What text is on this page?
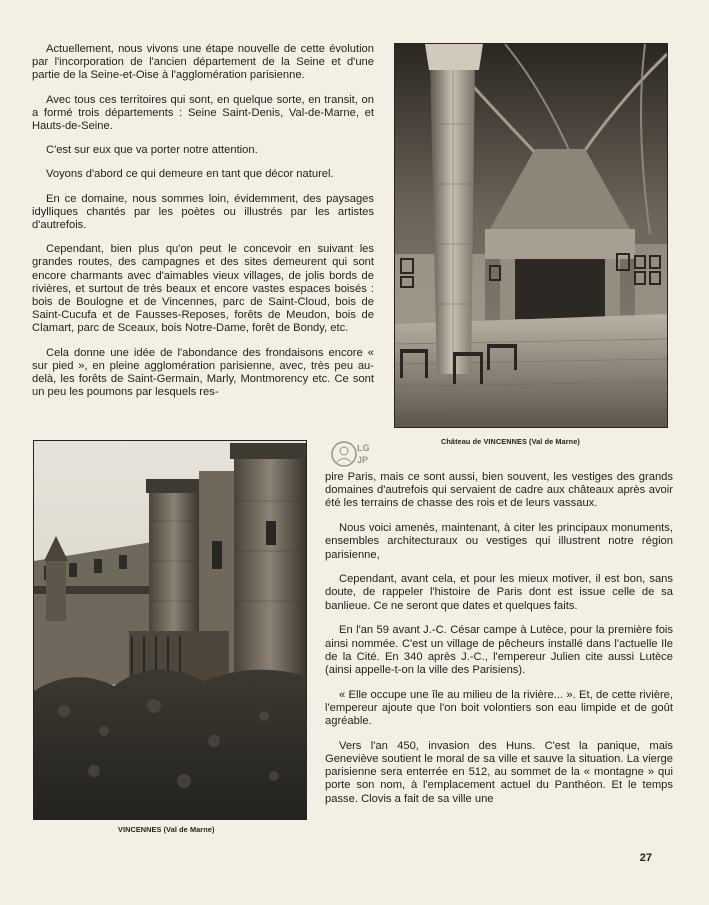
Actuellement, nous vivons une étape nouvelle de cette évolution par l'incorporation de l'ancien département de la Seine et d'une partie de la Seine-et-Oise à l'agglomération parisienne.

Avec tous ces territoires qui sont, en quelque sorte, en transit, on a formé trois départements : Seine Saint-Denis, Val-de-Marne, et Hauts-de-Seine.

C'est sur eux que va porter notre attention.

Voyons d'abord ce qui demeure en tant que décor naturel.

En ce domaine, nous sommes loin, évidemment, des paysages idylliques chantés par les poètes ou illustrés par les artistes d'autrefois.

Cependant, bien plus qu'on peut le concevoir en suivant les grandes routes, des campagnes et des sites demeurent qui sont encore charmants avec d'aimables vieux villages, de jolis bords de rivières, et surtout de très beaux et encore vastes espaces boisés : bois de Boulogne et de Vincennes, parc de Saint-Cloud, bois de Saint-Cucufa et de Fausses-Reposes, forêts de Meudon, bois de Clamart, parc de Sceaux, bois Notre-Dame, forêt de Bondy, etc.

Cela donne une idée de l'abondance des frondaisons encore « sur pied », en pleine agglomération parisienne, avec, très peu au-delà, les forêts de Saint-Germain, Marly, Montmorency etc. Ce sont un peu les poumons par lesquels res-

Château de VINCENNES (Val de Marne)
LG
JP
VINCENNES (Val de Marne)

pire Paris, mais ce sont aussi, bien souvent, les vestiges des grands domaines d'autrefois qui servaient de cadre aux châteaux après avoir été les terrains de chasse des rois et de leurs vassaux.

Nous voici amenés, maintenant, à citer les principaux monuments, ensembles architecturaux ou vestiges qui illustrent notre région parisienne,

Cependant, avant cela, et pour les mieux motiver, il est bon, sans doute, de rappeler l'histoire de Paris dont est issue celle de sa banlieue. Ce ne seront que dates et quelques faits.

En l'an 59 avant J.-C. César campe à Lutèce, pour la première fois ainsi nommée. C'est un village de pêcheurs installé dans l'actuelle Ile de la Cité. En 340 après J.-C., l'empereur Julien cite aussi Lutèce (ainsi appelle-t-on la ville des Parisiens).

« Elle occupe une île au milieu de la rivière... ». Et, de cette rivière, l'empereur ajoute que l'on boit volontiers son eau limpide et de goût agréable.

Vers l'an 450, invasion des Huns. C'est la panique, mais Geneviève soutient le moral de sa ville et sauve la situation. La vierge parisienne sera enterrée en 512, au sommet de la « montagne » qui porte son nom, à l'emplacement actuel du Panthéon. Et le temps passe. Clovis a fait de sa ville une

27
